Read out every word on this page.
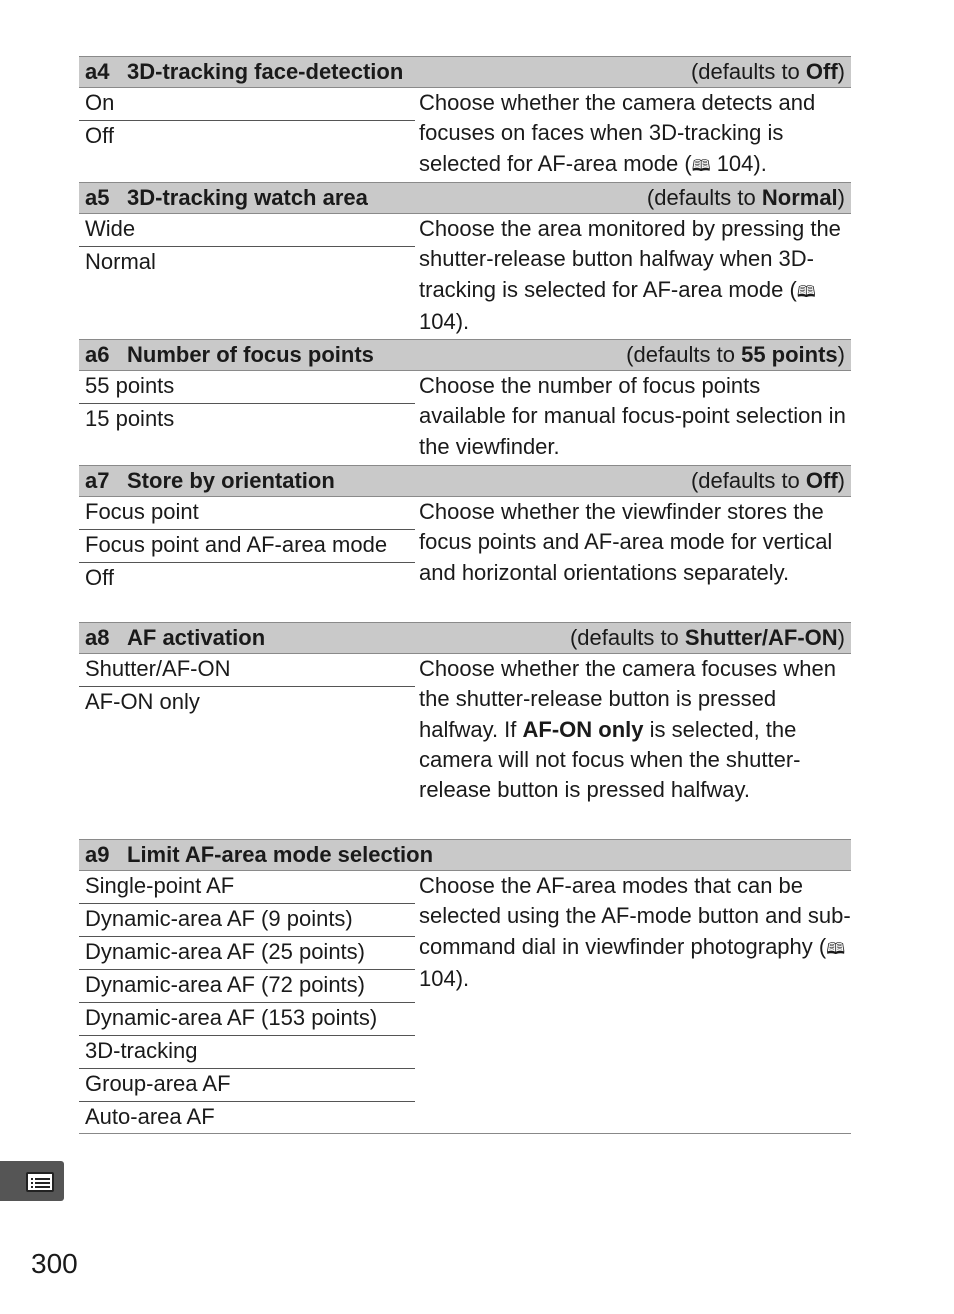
a4 3D-tracking face-detection	(defaults to Off)
On
Off
Choose whether the camera detects and focuses on faces when 3D-tracking is selected for AF-area mode (🕮 104).
a5 3D-tracking watch area	(defaults to Normal)
Wide
Normal
Choose the area monitored by pressing the shutter-release button halfway when 3D-tracking is selected for AF-area mode (🕮 104).
a6 Number of focus points	(defaults to 55 points)
55 points
15 points
Choose the number of focus points available for manual focus-point selection in the viewfinder.
a7 Store by orientation	(defaults to Off)
Focus point
Focus point and AF-area mode
Off
Choose whether the viewfinder stores the focus points and AF-area mode for vertical and horizontal orientations separately.
a8 AF activation	(defaults to Shutter/AF-ON)
Shutter/AF-ON
AF-ON only
Choose whether the camera focuses when the shutter-release button is pressed halfway. If AF-ON only is selected, the camera will not focus when the shutter-release button is pressed halfway.
a9 Limit AF-area mode selection
Single-point AF
Dynamic-area AF (9 points)
Dynamic-area AF (25 points)
Dynamic-area AF (72 points)
Dynamic-area AF (153 points)
3D-tracking
Group-area AF
Auto-area AF
Choose the AF-area modes that can be selected using the AF-mode button and sub-command dial in viewfinder photography (🕮 104).
300
